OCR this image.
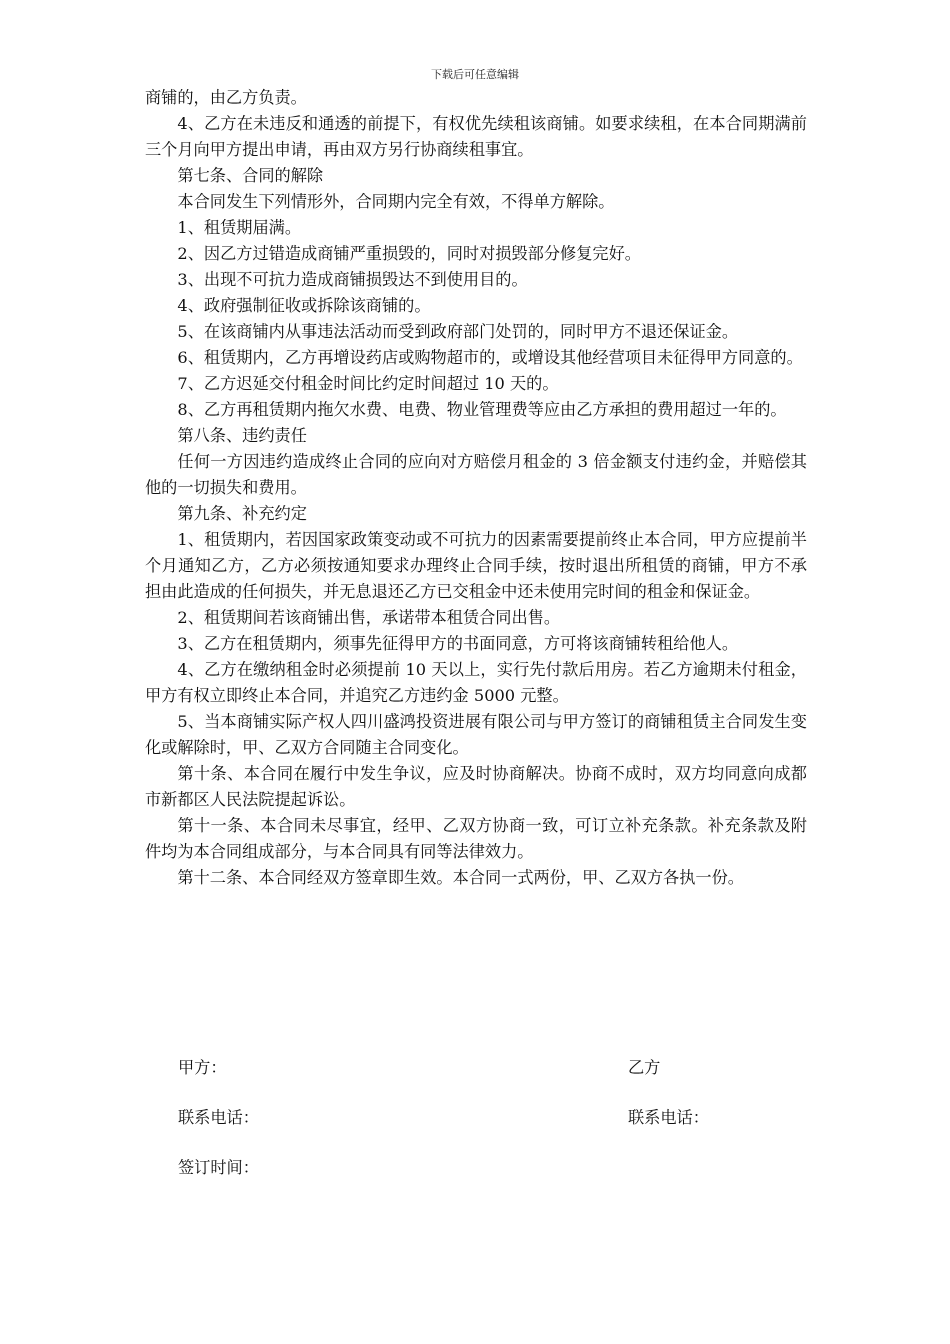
下载后可任意编辑

商铺的，由乙方负责。

4、乙方在未违反和通透的前提下，有权优先续租该商铺。如要求续租，在本合同期满前三个月向甲方提出申请，再由双方另行协商续租事宜。

第七条、合同的解除

本合同发生下列情形外，合同期内完全有效，不得单方解除。

1、租赁期届满。

2、因乙方过错造成商铺严重损毁的，同时对损毁部分修复完好。

3、出现不可抗力造成商铺损毁达不到使用目的。

4、政府强制征收或拆除该商铺的。

5、在该商铺内从事违法活动而受到政府部门处罚的，同时甲方不退还保证金。

6、租赁期内，乙方再增设药店或购物超市的，或增设其他经营项目未征得甲方同意的。

7、乙方迟延交付租金时间比约定时间超过 10 天的。

8、乙方再租赁期内拖欠水费、电费、物业管理费等应由乙方承担的费用超过一年的。

第八条、违约责任

任何一方因违约造成终止合同的应向对方赔偿月租金的 3 倍金额支付违约金，并赔偿其他的一切损失和费用。

第九条、补充约定

1、租赁期内，若因国家政策变动或不可抗力的因素需要提前终止本合同，甲方应提前半个月通知乙方，乙方必须按通知要求办理终止合同手续，按时退出所租赁的商铺，甲方不承担由此造成的任何损失，并无息退还乙方已交租金中还未使用完时间的租金和保证金。

2、租赁期间若该商铺出售，承诺带本租赁合同出售。

3、乙方在租赁期内，须事先征得甲方的书面同意，方可将该商铺转租给他人。

4、乙方在缴纳租金时必须提前 10 天以上，实行先付款后用房。若乙方逾期未付租金，甲方有权立即终止本合同，并追究乙方违约金 5000 元整。

5、当本商铺实际产权人四川盛鸿投资进展有限公司与甲方签订的商铺租赁主合同发生变化或解除时，甲、乙双方合同随主合同变化。

第十条、本合同在履行中发生争议，应及时协商解决。协商不成时，双方均同意向成都市新都区人民法院提起诉讼。

第十一条、本合同未尽事宜，经甲、乙双方协商一致，可订立补充条款。补充条款及附件均为本合同组成部分，与本合同具有同等法律效力。

第十二条、本合同经双方签章即生效。本合同一式两份，甲、乙双方各执一份。

甲方：	乙方
联系电话：	联系电话：
签订时间：
